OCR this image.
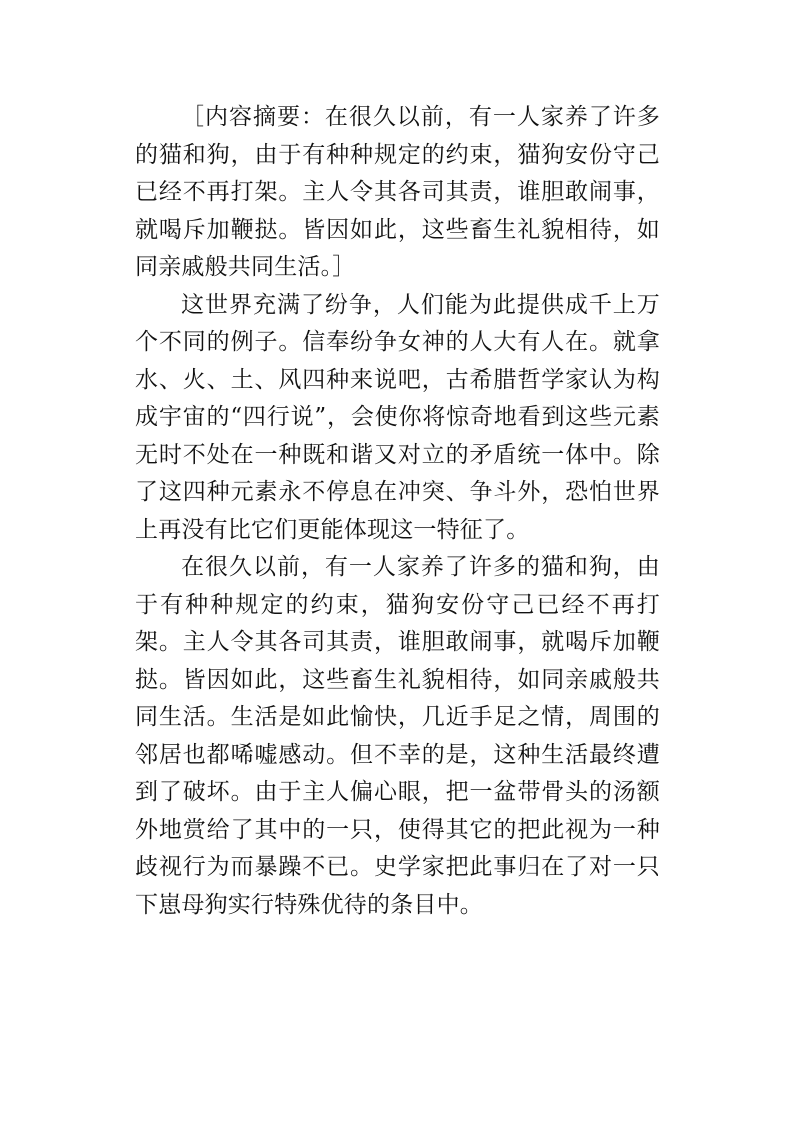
［内容摘要：在很久以前，有一人家养了许多的猫和狗，由于有种种规定的约束，猫狗安份守己已经不再打架。主人令其各司其责，谁胆敢闹事，就喝斥加鞭挞。皆因如此，这些畜生礼貌相待，如同亲戚般共同生活。］

这世界充满了纷争，人们能为此提供成千上万个不同的例子。信奉纷争女神的人大有人在。就拿水、火、土、风四种来说吧，古希腊哲学家认为构成宇宙的“四行说”，会使你将惊奇地看到这些元素无时不处在一种既和谐又对立的矛盾统一体中。除了这四种元素永不停息在冲突、争斗外，恐怕世界上再没有比它们更能体现这一特征了。

在很久以前，有一人家养了许多的猫和狗，由于有种种规定的约束，猫狗安份守己已经不再打架。主人令其各司其责，谁胆敢闹事，就喝斥加鞭挞。皆因如此，这些畜生礼貌相待，如同亲戚般共同生活。生活是如此愉快，几近手足之情，周围的邻居也都唏嘘感动。但不幸的是，这种生活最终遭到了破坏。由于主人偏心眼，把一盆带骨头的汤额外地赏给了其中的一只，使得其它的把此视为一种歧视行为而暴躁不已。史学家把此事归在了对一只下崽母狗实行特殊优待的条目中。
